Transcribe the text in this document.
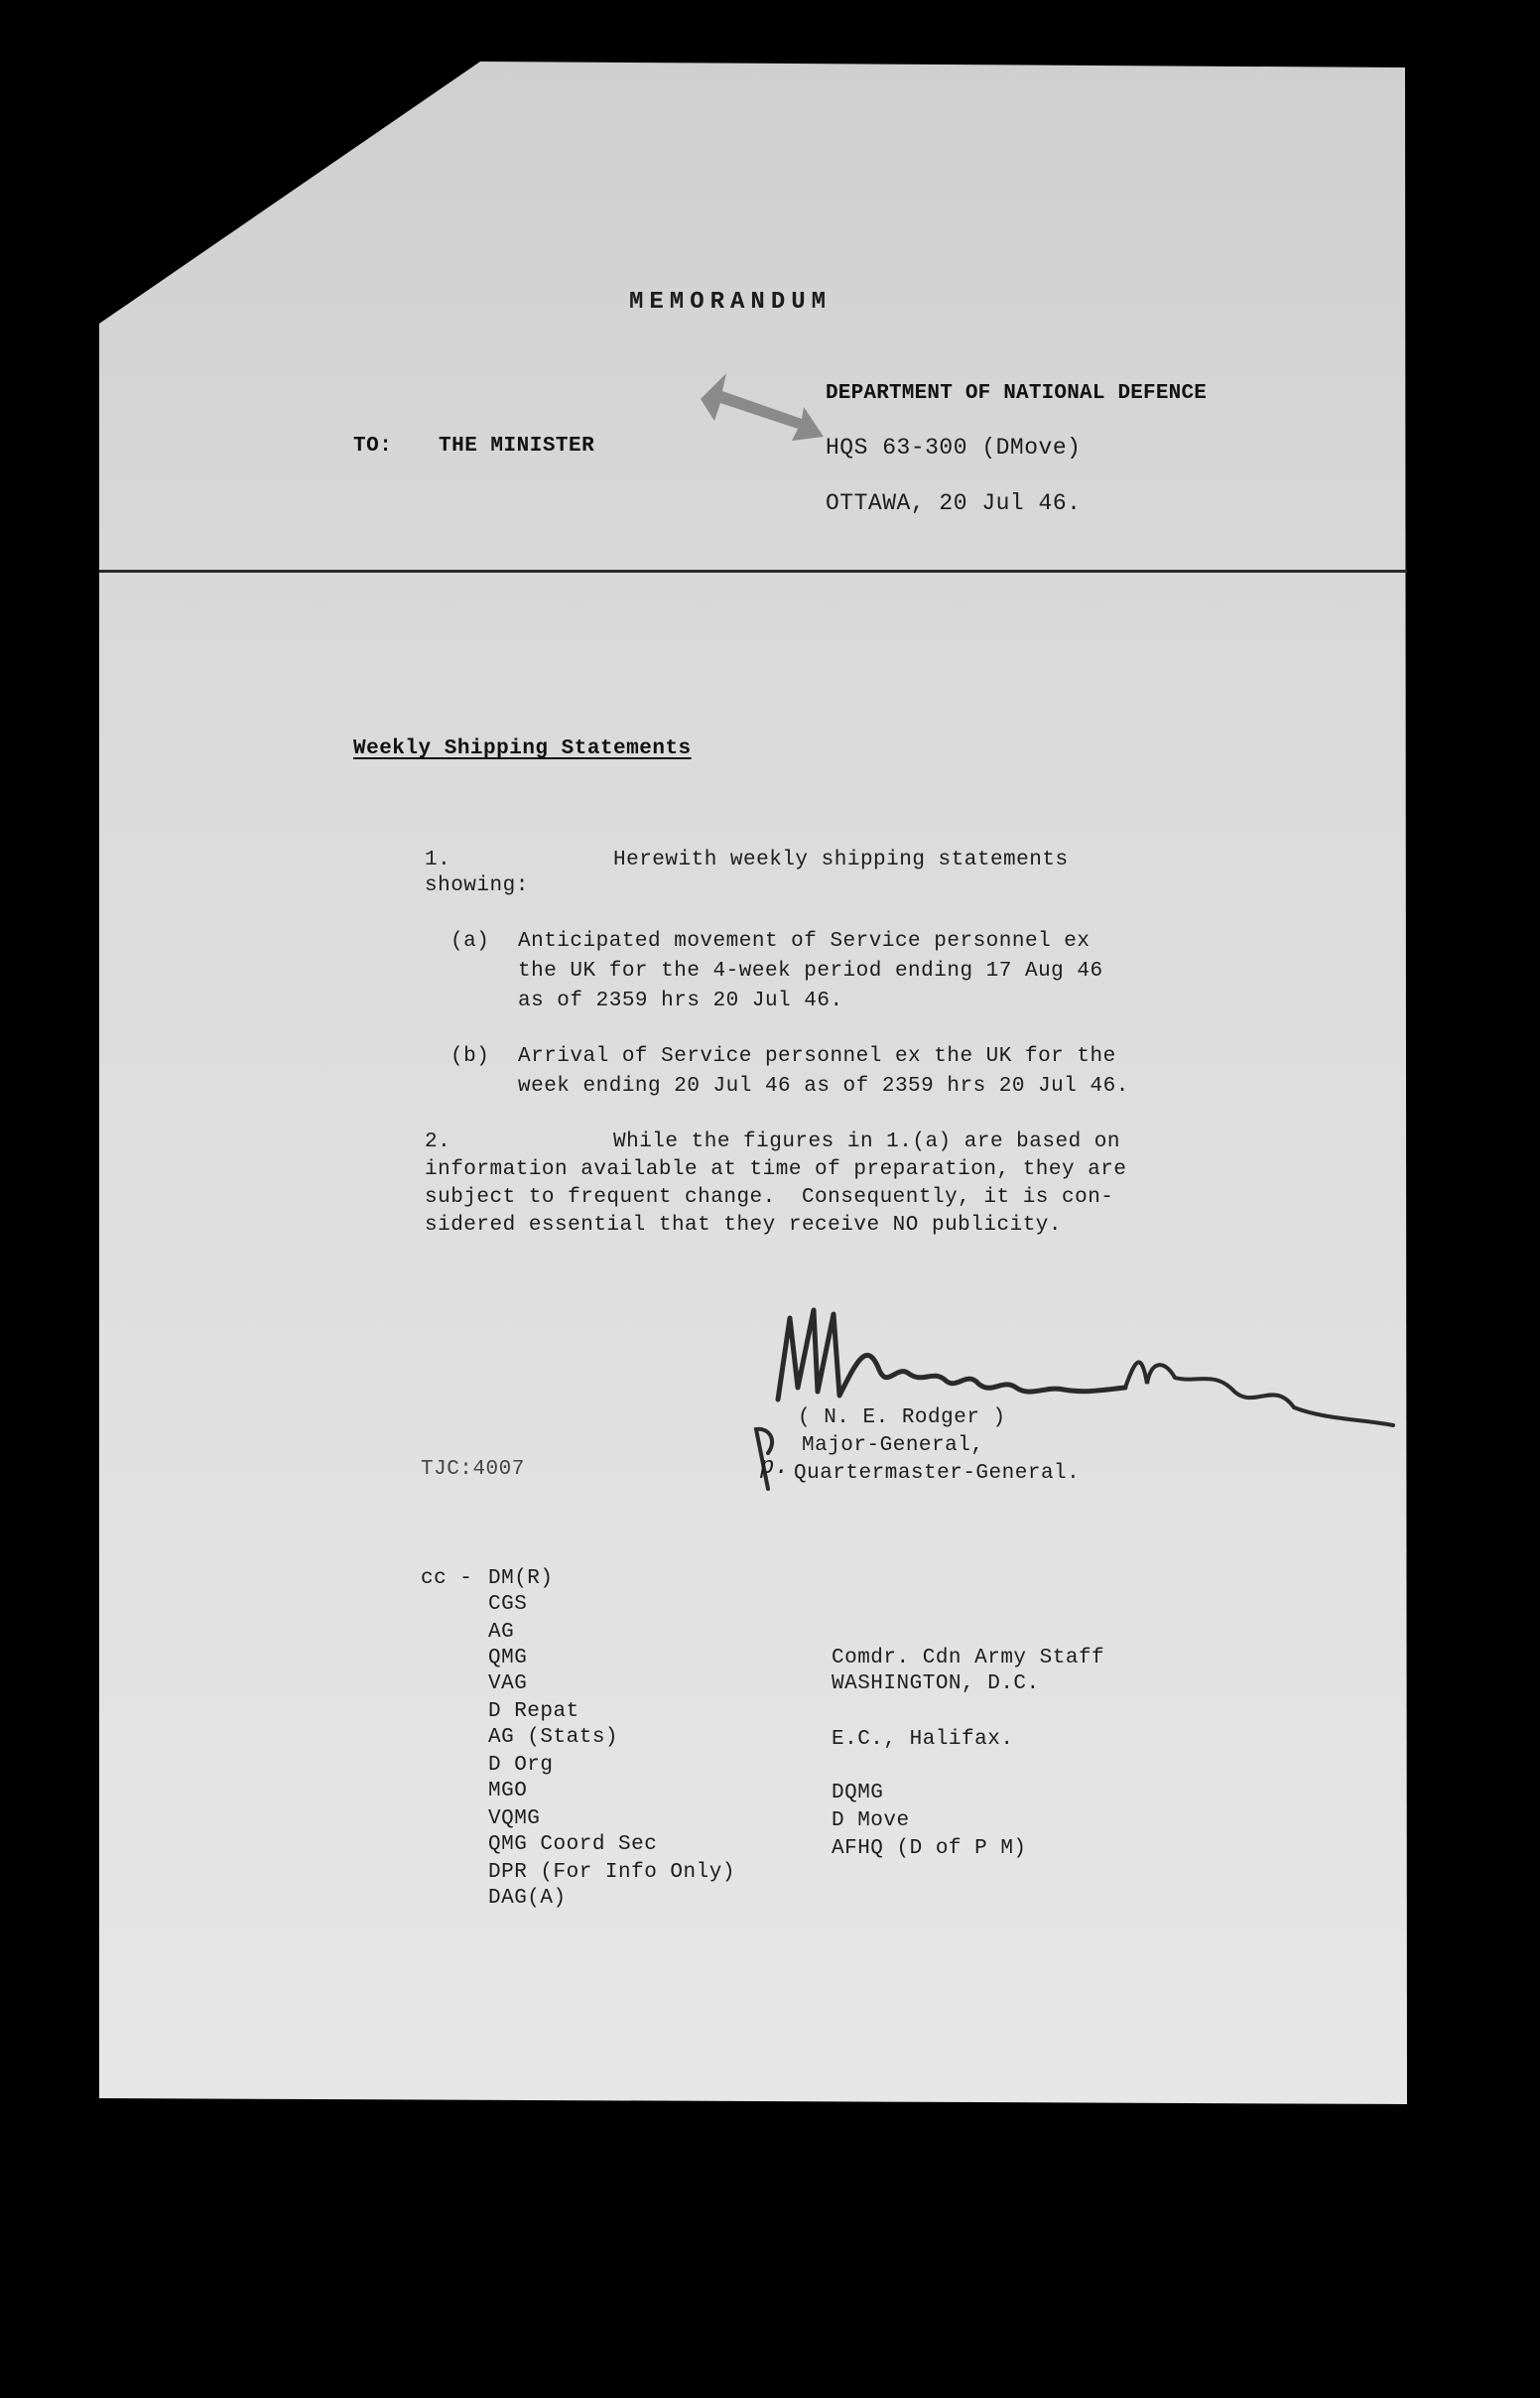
MEMORANDUM
TO: THE MINISTER
DEPARTMENT OF NATIONAL DEFENCE
HQS 63-300 (DMove)
OTTAWA, 20 Jul 46.
Weekly Shipping Statements
1.	Herewith weekly shipping statements
showing:
(a) Anticipated movement of Service personnel ex
the UK for the 4-week period ending 17 Aug 46
as of 2359 hrs 20 Jul 46.
(b) Arrival of Service personnel ex the UK for the
week ending 20 Jul 46 as of 2359 hrs 20 Jul 46.
2.	While the figures in 1.(a) are based on
information available at time of preparation, they are
subject to frequent change.  Consequently, it is con-
sidered essential that they receive NO publicity.
( N. E. Rodger )
Major-General,
Quartermaster-General.
p.
TJC:4007
cc - DM(R)
CGS
AG
QMG
VAG
D Repat
AG (Stats)
D Org
MGO
VQMG
QMG Coord Sec
DPR (For Info Only)
DAG(A)
Comdr. Cdn Army Staff
WASHINGTON, D.C.
E.C., Halifax.
DQMG
D Move
AFHQ (D of P M)
